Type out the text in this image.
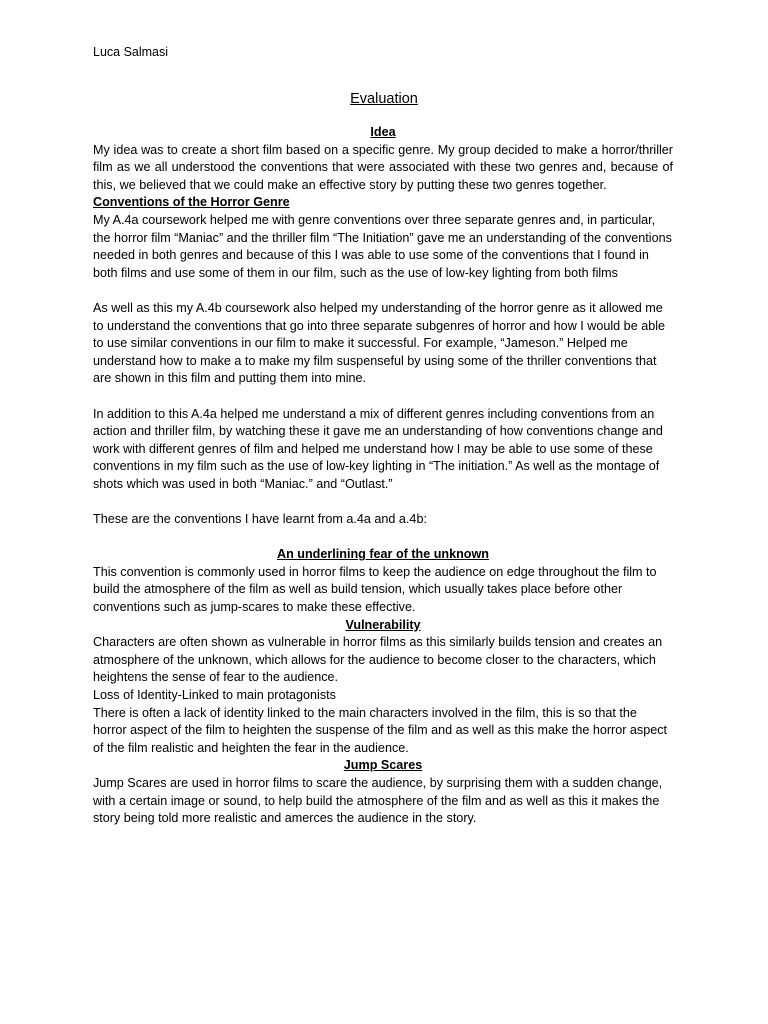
Luca Salmasi
Evaluation

Idea

My idea was to create a short film based on a specific genre. My group decided to make a horror/thriller film as we all understood the conventions that were associated with these two genres and, because of this, we believed that we could make an effective story by putting these two genres together.

Conventions of the Horror Genre

My A.4a coursework helped me with genre conventions over three separate genres and, in particular, the horror film “Maniac” and the thriller film “The Initiation” gave me an understanding of the conventions needed in both genres and because of this I was able to use some of the conventions that I found in both films and use some of them in our film, such as the use of low-key lighting from both films

As well as this my A.4b coursework also helped my understanding of the horror genre as it allowed me to understand the conventions that go into three separate subgenres of horror and how I would be able to use similar conventions in our film to make it successful. For example, “Jameson.” Helped me understand how to make a to make my film suspenseful by using some of the thriller conventions that are shown in this film and putting them into mine.

In addition to this A.4a helped me understand a mix of different genres including conventions from an action and thriller film, by watching these it gave me an understanding of how conventions change and work with different genres of film and helped me understand how I may be able to use some of these conventions in my film such as the use of low-key lighting in “The initiation.” As well as the montage of shots which was used in both “Maniac.” and “Outlast.”

These are the conventions I have learnt from a.4a and a.4b:

An underlining fear of the unknown

This convention is commonly used in horror films to keep the audience on edge throughout the film to build the atmosphere of the film as well as build tension, which usually takes place before other conventions such as jump-scares to make these effective.

Vulnerability

Characters are often shown as vulnerable in horror films as this similarly builds tension and creates an atmosphere of the unknown, which allows for the audience to become closer to the characters, which heightens the sense of fear to the audience.

Loss of Identity-Linked to main protagonists

There is often a lack of identity linked to the main characters involved in the film, this is so that the horror aspect of the film to heighten the suspense of the film and as well as this make the horror aspect of the film realistic and heighten the fear in the audience.

Jump Scares

Jump Scares are used in horror films to scare the audience, by surprising them with a sudden change, with a certain image or sound, to help build the atmosphere of the film and as well as this it makes the story being told more realistic and amerces the audience in the story.
